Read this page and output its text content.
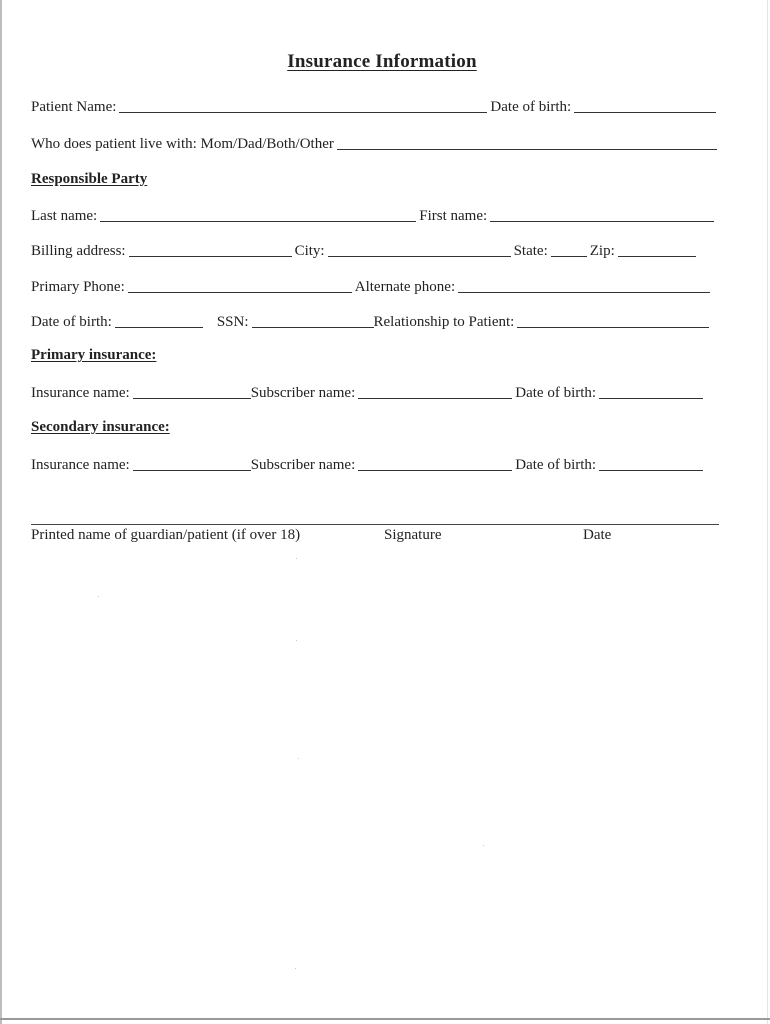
Insurance Information
Patient Name:	Date of birth:
Who does patient live with: Mom/Dad/Both/Other
Responsible Party
Last name:	First name:
Billing address:	City:	State:	Zip:
Primary Phone:	Alternate phone:
Date of birth:	SSN:	Relationship to Patient:
Primary insurance:
Insurance name:	Subscriber name:	Date of birth:
Secondary insurance:
Insurance name:	Subscriber name:	Date of birth:
Printed name of guardian/patient (if over 18)	Signature	Date
